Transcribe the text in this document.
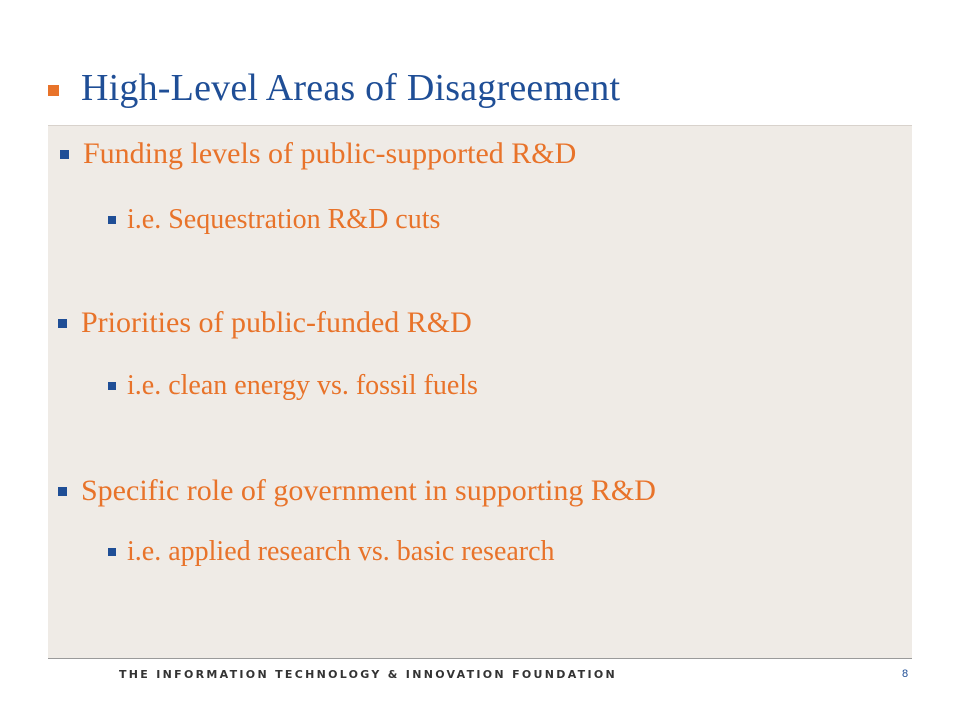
High-Level Areas of Disagreement
Funding levels of public-supported R&D
i.e. Sequestration R&D cuts
Priorities of public-funded R&D
i.e. clean energy vs. fossil fuels
Specific role of government in supporting R&D
i.e. applied research vs. basic research
THE INFORMATION TECHNOLOGY & INNOVATION FOUNDATION	8
